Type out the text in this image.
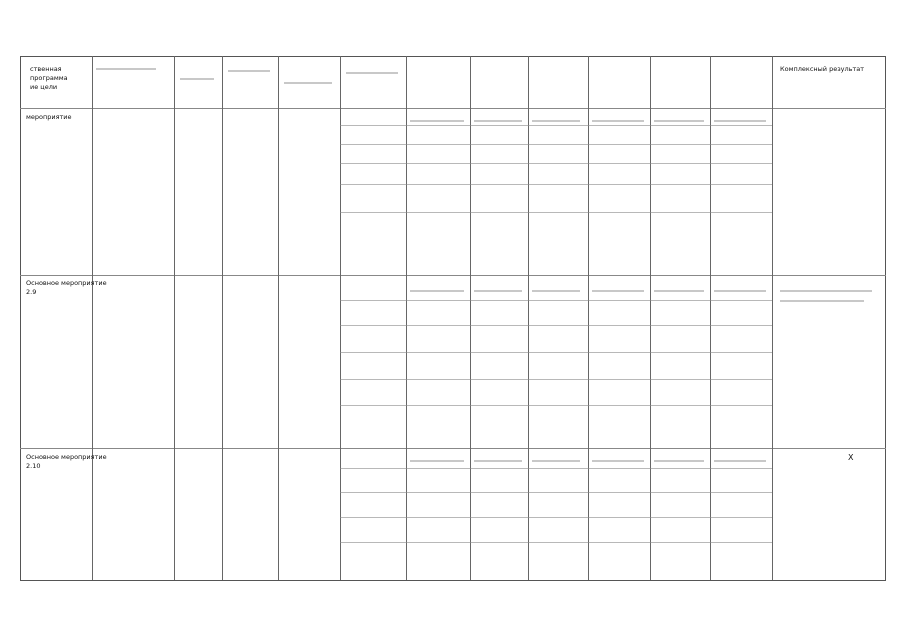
ственная
программа
ие цели
мероприятие
Основное мероприятие
2.9
Основное мероприятие
2.10
Комплексный результат
X
